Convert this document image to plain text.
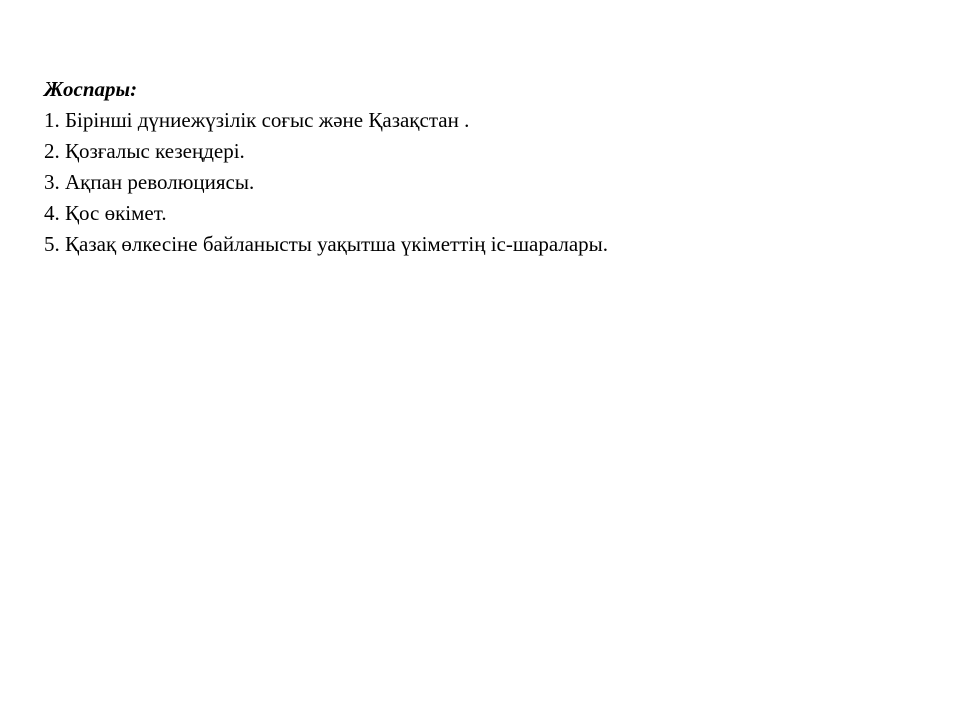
Жоспары:
1. Бірінші дүниежүзілік соғыс және Қазақстан .
2. Қозғалыс кезеңдері.
3. Ақпан революциясы.
4. Қос өкімет.
5. Қазақ өлкесіне байланысты уақытша үкіметтің іс-шаралары.
